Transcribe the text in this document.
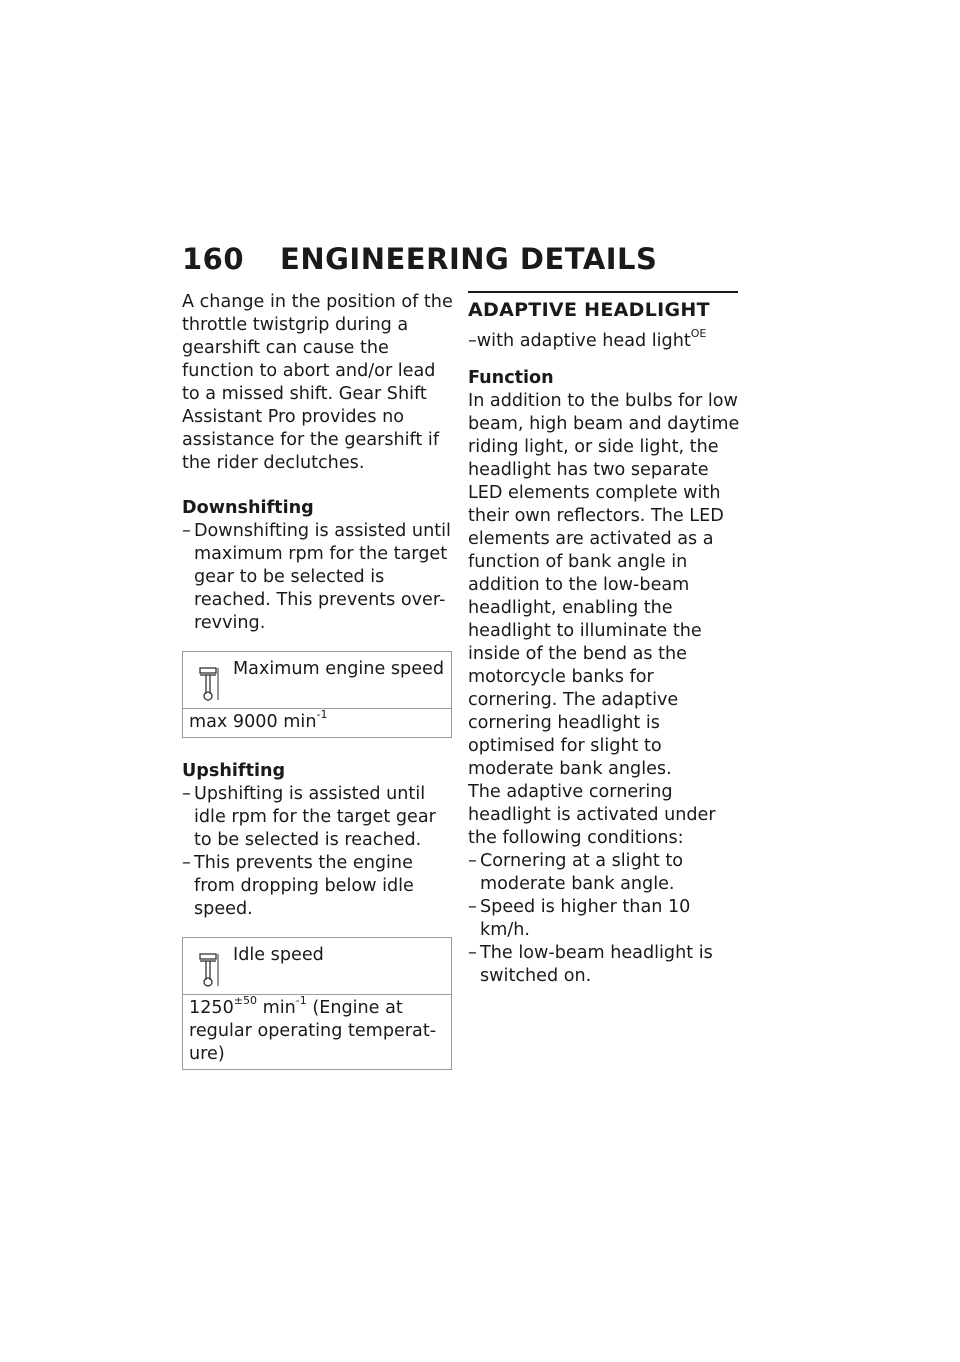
160 ENGINEERING DETAILS

A change in the position of the throttle twistgrip during a gearshift can cause the function to abort and/or lead to a missed shift. Gear Shift Assistant Pro provides no assistance for the gearshift if the rider declutches.

Downshifting

– Downshifting is assisted until maximum rpm for the target gear to be selected is reached. This prevents over-revving.
Maximum engine speed
max 9000 $\min^{-1}$

Upshifting

– Upshifting is assisted until idle rpm for the target gear to be selected is reached.
– This prevents the engine from dropping below idle speed.
Idle speed
$1250^{\pm 50}$ $\min^{-1}$ (Engine at regular operating temperature)

ADAPTIVE HEADLIGHT

–with adaptive head light$^{OE}$

Function

In addition to the bulbs for low beam, high beam and daytime riding light, or side light, the headlight has two separate LED elements complete with their own reflectors. The LED elements are activated as a function of bank angle in addition to the low-beam headlight, enabling the headlight to illuminate the inside of the bend as the motorcycle banks for cornering. The adaptive cornering headlight is optimised for slight to moderate bank angles.

The adaptive cornering headlight is activated under the following conditions:

– Cornering at a slight to moderate bank angle.
– Speed is higher than 10 km/h.
– The low-beam headlight is switched on.
